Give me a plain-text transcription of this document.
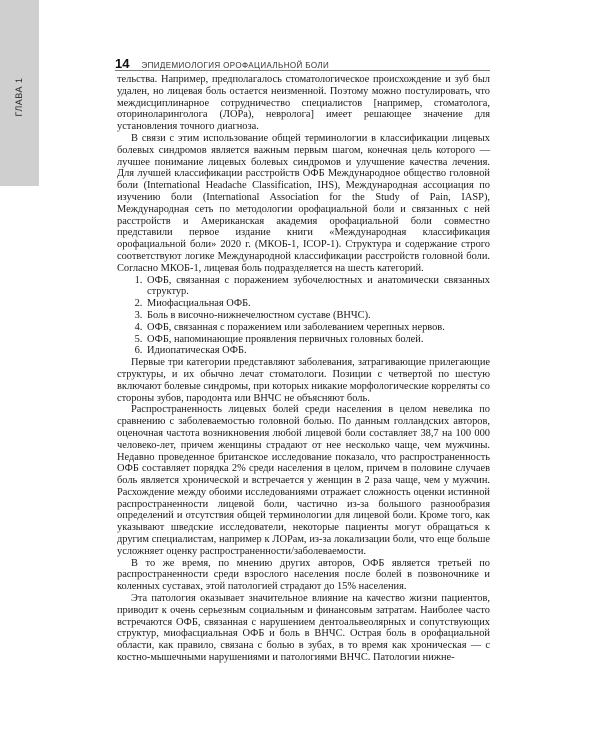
ГЛАВА 1
14 ЭПИДЕМИОЛОГИЯ ОРОФАЦИАЛЬНОЙ БОЛИ

тельства. Например, предполагалось стоматологическое происхождение и зуб был удален, но лицевая боль остается неизменной. Поэтому можно постулировать, что междисциплинарное сотрудничество специалистов [например, стоматолога, оториноларинголога (ЛОРа), невролога] имеет решающее значение для установления точного диагноза.

В связи с этим использование общей терминологии в классификации лицевых болевых синдромов является важным первым шагом, конечная цель которого — лучшее понимание лицевых болевых синдромов и улучшение качества лечения. Для лучшей классификации расстройств ОФБ Международное общество головной боли (International Headache Classification, IHS), Международная ассоциация по изучению боли (International Association for the Study of Pain, IASP), Международная сеть по методологии орофациальной боли и связанных с ней расстройств и Американская академия орофациальной боли совместно представили первое издание книги «Международная классификация орофациальной боли» 2020 г. (МКОБ-1, ICOP-1). Структура и содержание строго соответствуют логике Международной классификации расстройств головной боли. Согласно МКОБ-1, лицевая боль подразделяется на шесть категорий.

1. ОФБ, связанная с поражением зубочелюстных и анатомически связанных структур.
2. Миофасциальная ОФБ.
3. Боль в височно-нижнечелюстном суставе (ВНЧС).
4. ОФБ, связанная с поражением или заболеванием черепных нервов.
5. ОФБ, напоминающие проявления первичных головных болей.
6. Идиопатическая ОФБ.

Первые три категории представляют заболевания, затрагивающие прилегающие структуры, и их обычно лечат стоматологи. Позиции с четвертой по шестую включают болевые синдромы, при которых никакие морфологические корреляты со стороны зубов, пародонта или ВНЧС не объясняют боль.

Распространенность лицевых болей среди населения в целом невелика по сравнению с заболеваемостью головной болью. По данным голландских авторов, оценочная частота возникновения любой лицевой боли составляет 38,7 на 100 000 человеко-лет, причем женщины страдают от нее несколько чаще, чем мужчины. Недавно проведенное британское исследование показало, что распространенность ОФБ составляет порядка 2% среди населения в целом, причем в половине случаев боль является хронической и встречается у женщин в 2 раза чаще, чем у мужчин. Расхождение между обоими исследованиями отражает сложность оценки истинной распространенности лицевой боли, частично из-за большого разнообразия определений и отсутствия общей терминологии для лицевой боли. Кроме того, как указывают шведские исследователи, некоторые пациенты могут обращаться к другим специалистам, например к ЛОРам, из-за локализации боли, что еще больше усложняет оценку распространенности/заболеваемости.

В то же время, по мнению других авторов, ОФБ является третьей по распространенности среди взрослого населения после болей в позвоночнике и коленных суставах, этой патологией страдают до 15% населения.

Эта патология оказывает значительное влияние на качество жизни пациентов, приводит к очень серьезным социальным и финансовым затратам. Наиболее часто встречаются ОФБ, связанная с нарушением дентоальвеолярных и сопутствующих структур, миофасциальная ОФБ и боль в ВНЧС. Острая боль в орофациальной области, как правило, связана с болью в зубах, в то время как хроническая — с костно-мышечными нарушениями и патологиями ВНЧС. Патологии нижне-
